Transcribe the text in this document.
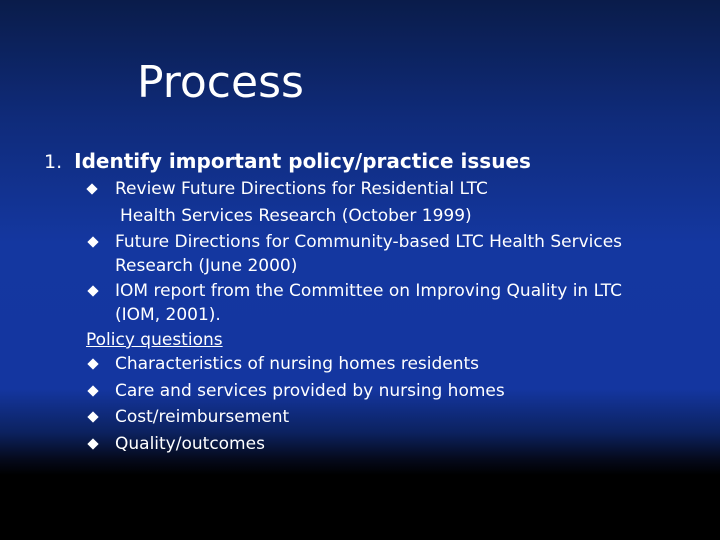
Process
1. Identify important policy/practice issues
Review Future Directions for Residential LTC
Health Services Research (October 1999)
Future Directions for Community-based LTC Health Services
Research (June 2000)
IOM report from the Committee on Improving Quality in LTC
(IOM, 2001).
Policy questions
Characteristics of nursing homes residents
Care and services provided by nursing homes
Cost/reimbursement
Quality/outcomes
